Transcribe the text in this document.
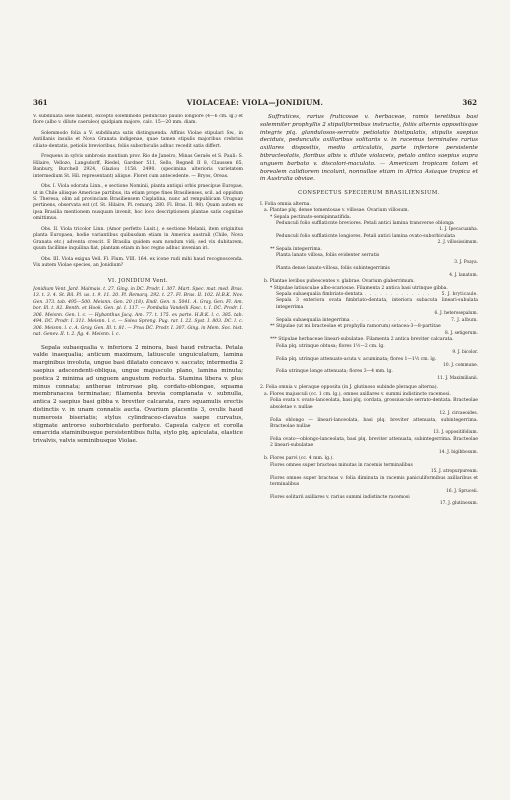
361	VIOLACEAE: VIOLA—JONIDIUM.	362

V. subdiluata sese habent, excepto solemmodo pedunculo paullo longiore (4—6 cm. lg.) et flore (albo v. dilute caeruleo) quidpiam majore, calc. 15—20 mm. diam.

Solemmodo folia a V. subdiluata satis distinguenda. Affinis Violae stipulari Sw., in Antillanis insulis et Nova Granata indigenae, quae tamen stipulis majoribus crebrius ciliato-dentatis, petiolis brevioribus, foliis suborbiculis adhuc recedit satis differt.

Frequens in sylvis umbrosis montium prov. Rio de Janeiro, Minas Geraës et S. Pauli: S. Hilaire, Vellozo, Langsdorff, Riedel, Gardner 511, Sello, Regnell II 8, Claussen 65, Banbury, Burchell 2924, Glaziou 1158. 2490. (specimina ulterioris varietatem intermedium St. Hil. representant) aliique. Floret cum antecedente. — Bryos, Oreas.

Obs. I. Viola odorata Linn., e sectione Nominii, planta antiqui orbis praecipue Europae, ut in Chile aliisque Americae partibus, ita etiam prope fines Brasilienses, scil. ad oppidum S. Theresa, olim ad provinciam Brasiliensem Cisplatina, nunc ad rempublicam Uruguay pertinens, observata est (cf. St. Hilaire, Pl. remarq. 280. Fl. Bras. II. 98). Quam autem ex ipsa Brasilia mentionem nusquam invenit, hoc loco descriptionem plantae satis cognitae omittimus.

Obs. II. Viola tricolor Linn. (Amor perfetto Lusit.), e sectione Melanii, item originitus planta Europaea, hodie variantibus quibusdam etiam in America australi (Chile, Nova Granata etc.) adventa crescit. E Brasilia quidem eam nondum vidi; sed vix dubitarem, quum facillime inquilina fiat, plantam etiam in hoc regno adhuc invenian iri.

Obs. III. Viola exigua Vell. Fl. Flum. VIII. 164. ex icone rudi mihi haud recognoscenda. Vix autem Violae species, an Jonidium?

VI. JONIDIUM Vent.

Jonidium Vent. Jard. Malmais. t. 27. Ging. in DC. Prodr. I. 307. Mart. Spec. mat. med. Bras. 13. t. 3. 4. St. Bil. Pl. us. t. 9. 11. 20. Pl. Remarq. 292. t. 27. Fl. Bras. II. 102. H.B.K. Nov. Gen. 373. tab. 495—500. Meisnn. Gen. 20 (18). Endl. Gen. n. 5041. A. Gray, Gen. Fl. Am. bor. Ill. t. 82. Benth. et Hook. Gen. pl. I. 117. — Pombalia Vandelli Fasc. t. I. DC. Prodr. I. 306. Meisnn. Gen. l. c. — Hybanthus Jacq. Am. 77. t. 175. ex parte. H.B.K. l. c. 385. tab. 494. DC. Prodr. I. 311. Meisnn. l. c. — Solea Spreng. Pug. rar. I. 22. Syst. I. 803. DC. l. c. 306. Meisnn. l. c. A. Gray, Gen. Ill. t. 81. — Proa DC. Prodr. I. 307. Ging. in Mem. Soc. hist. nat. Genev. II. t. 2. fig. 4. Meisnn. l. c.

Sepala subaequalia v. inferiora 2 minora, basi haud retracta. Petala valde inaequalia; anticum maximum, latiuscule unguiculatum, lamina marginibus involuta, ungue basi dilatato concavo v. saccato; intermedia 2 saepius adscendenti-obliqua, ungue majusculo plano, lamina minuta; postica 2 minima ad unguem angustum reducta. Stamina libera v. plus minus connata; antherae introrsae plq. cordato-oblongae, squama membranacea terminatae; filamenta brevia complanata v. subnulla, antica 2 saepius basi gibba v. breviter calcarata, raro squamulis erectis distinctis v. in unam connatis aucta. Ovarium placentis 3, ovulis haud numerosis biseriatis; stylus cylindraceo-clavatus saepe curvatus, stigmate antrorso suborbiculato perforato. Capsula calyce et corolla emarcida staminibusque persistentibus fulta, stylo plq. apiculata, elastice trivalvis, valvis seminibusque Violae.

Suffrutices, rarius fruticosae v. herbaceae, ramis teretibus basi solemniter prophyllis 2 stipuliformibus instructis, foliis alternis oppositisque integris plq. glandulosos-serratis petiolatis bistipulatis, stipulis saepius deciduis, pedunculis axillaribus solitariis v. in racemus terminales rarius axillares dispositis, medio articulatis, parte inferiore persistente bibracteolatis, floribus albis v. dilute violaceis, petalo antico saepius supra unguem barbato v. discolori-maculato. — Americam tropicam totam et borealem calidiorem incolunt, nonnullae etiam in Africa Asiaque tropica et in Australia obviae.

CONSPECTUS SPECIERUM BRASILIENSIUM.
I. Folia omnia alterna.
a. Plantae plq. dense tomentosae v. villosae. Ovarium villosum.
* Sepala pectinato-semipinnatifida.
Pedunculi folio sufflaticnte breviores. Petali antici lamina transverse oblonga
1. J. Ipecacuanha.
Pedunculi folio sufflaticnte longiores. Petali antici lamina ovato-suborbiculata
2. J. villosissimum.
** Sepala integerrima.
Planta lanato villosa, foliis evidenter serratis
3. J. Poaya.
Planta dense lanato-villosa, foliis subintegerrimis
4. J. lanatum.
b. Plantae levibus pubescentes v. glabrae. Ovarium glaberrimum.
* Stipulae latiusculae albo-scariosae. Filamenta 2 antica basi utrinque gibba.
Sepala subaequalia fimbriato-dentata . . . . . . . . . . . . .	5. J. bryticaule.
Sepala 3 exteriora ovata fimbriato-dentata, interiora subacuta lineari-subulata integerrima
6. J. heterosepalum.
Sepala subaequalia integerrima . . . . . . . . . . . . .	7. J. album.
** Stipulae (ut mi bracteolae et prophylla ramorum) setacea-3—8-partitae
8. J. setigerum.
*** Stipulae herbaceae lineari-subulatae. Filamenta 2 antica breviter calcarata.
Folia plq. utrinque obtusa; flores 1½—2 cm. lg.
9. J. bicolor.
Folia plq. utrinque attenuato-acuta v. acuminata; flores 1—1½ cm. lg.
10. J. commune.
Folia utrinque longe attenuata; flores 3—4 mm. lg.
11. J. Maximilianii.
2. Folia omnia v. pleraque opposita (in J. glutinoso subinde pleraque alterna).
a. Flores majusculi (cc. 1 cm. lg.), omnes axillares v. summi indistincte racemosi.
Folia ovata v. ovato-lanceolata, basi plq. cordata, grossiuscule serrato-dentata. Bracteolae absoletae v. nullae
12. J. circaeoides.
Folia oblongo — lineari-lanceolata, basi plq. breviter attenuata, subintegerrima. Bracteolae nullae
13. J. oppositifolium.
Folia ovato—oblongo-lanceolata, basi plq. breviter attenuata, subintegerrima. Bracteolae 2 lineari-subulatae
14. J. bigibbosum.
b. Flores parvi (cc. 4 mm. lg.).
Flores omnes super bracteas minutas in racemis terminalibus
15. J. atropurpureum.
Flores omnes super bracteas v. folia diminuta in racemis paniculiformibus axillaribus et terminalibus
16. J. Spruceii.
Flores solitarii axillares v. rarius summi indistincte racemosi
17. J. glutinosum.
